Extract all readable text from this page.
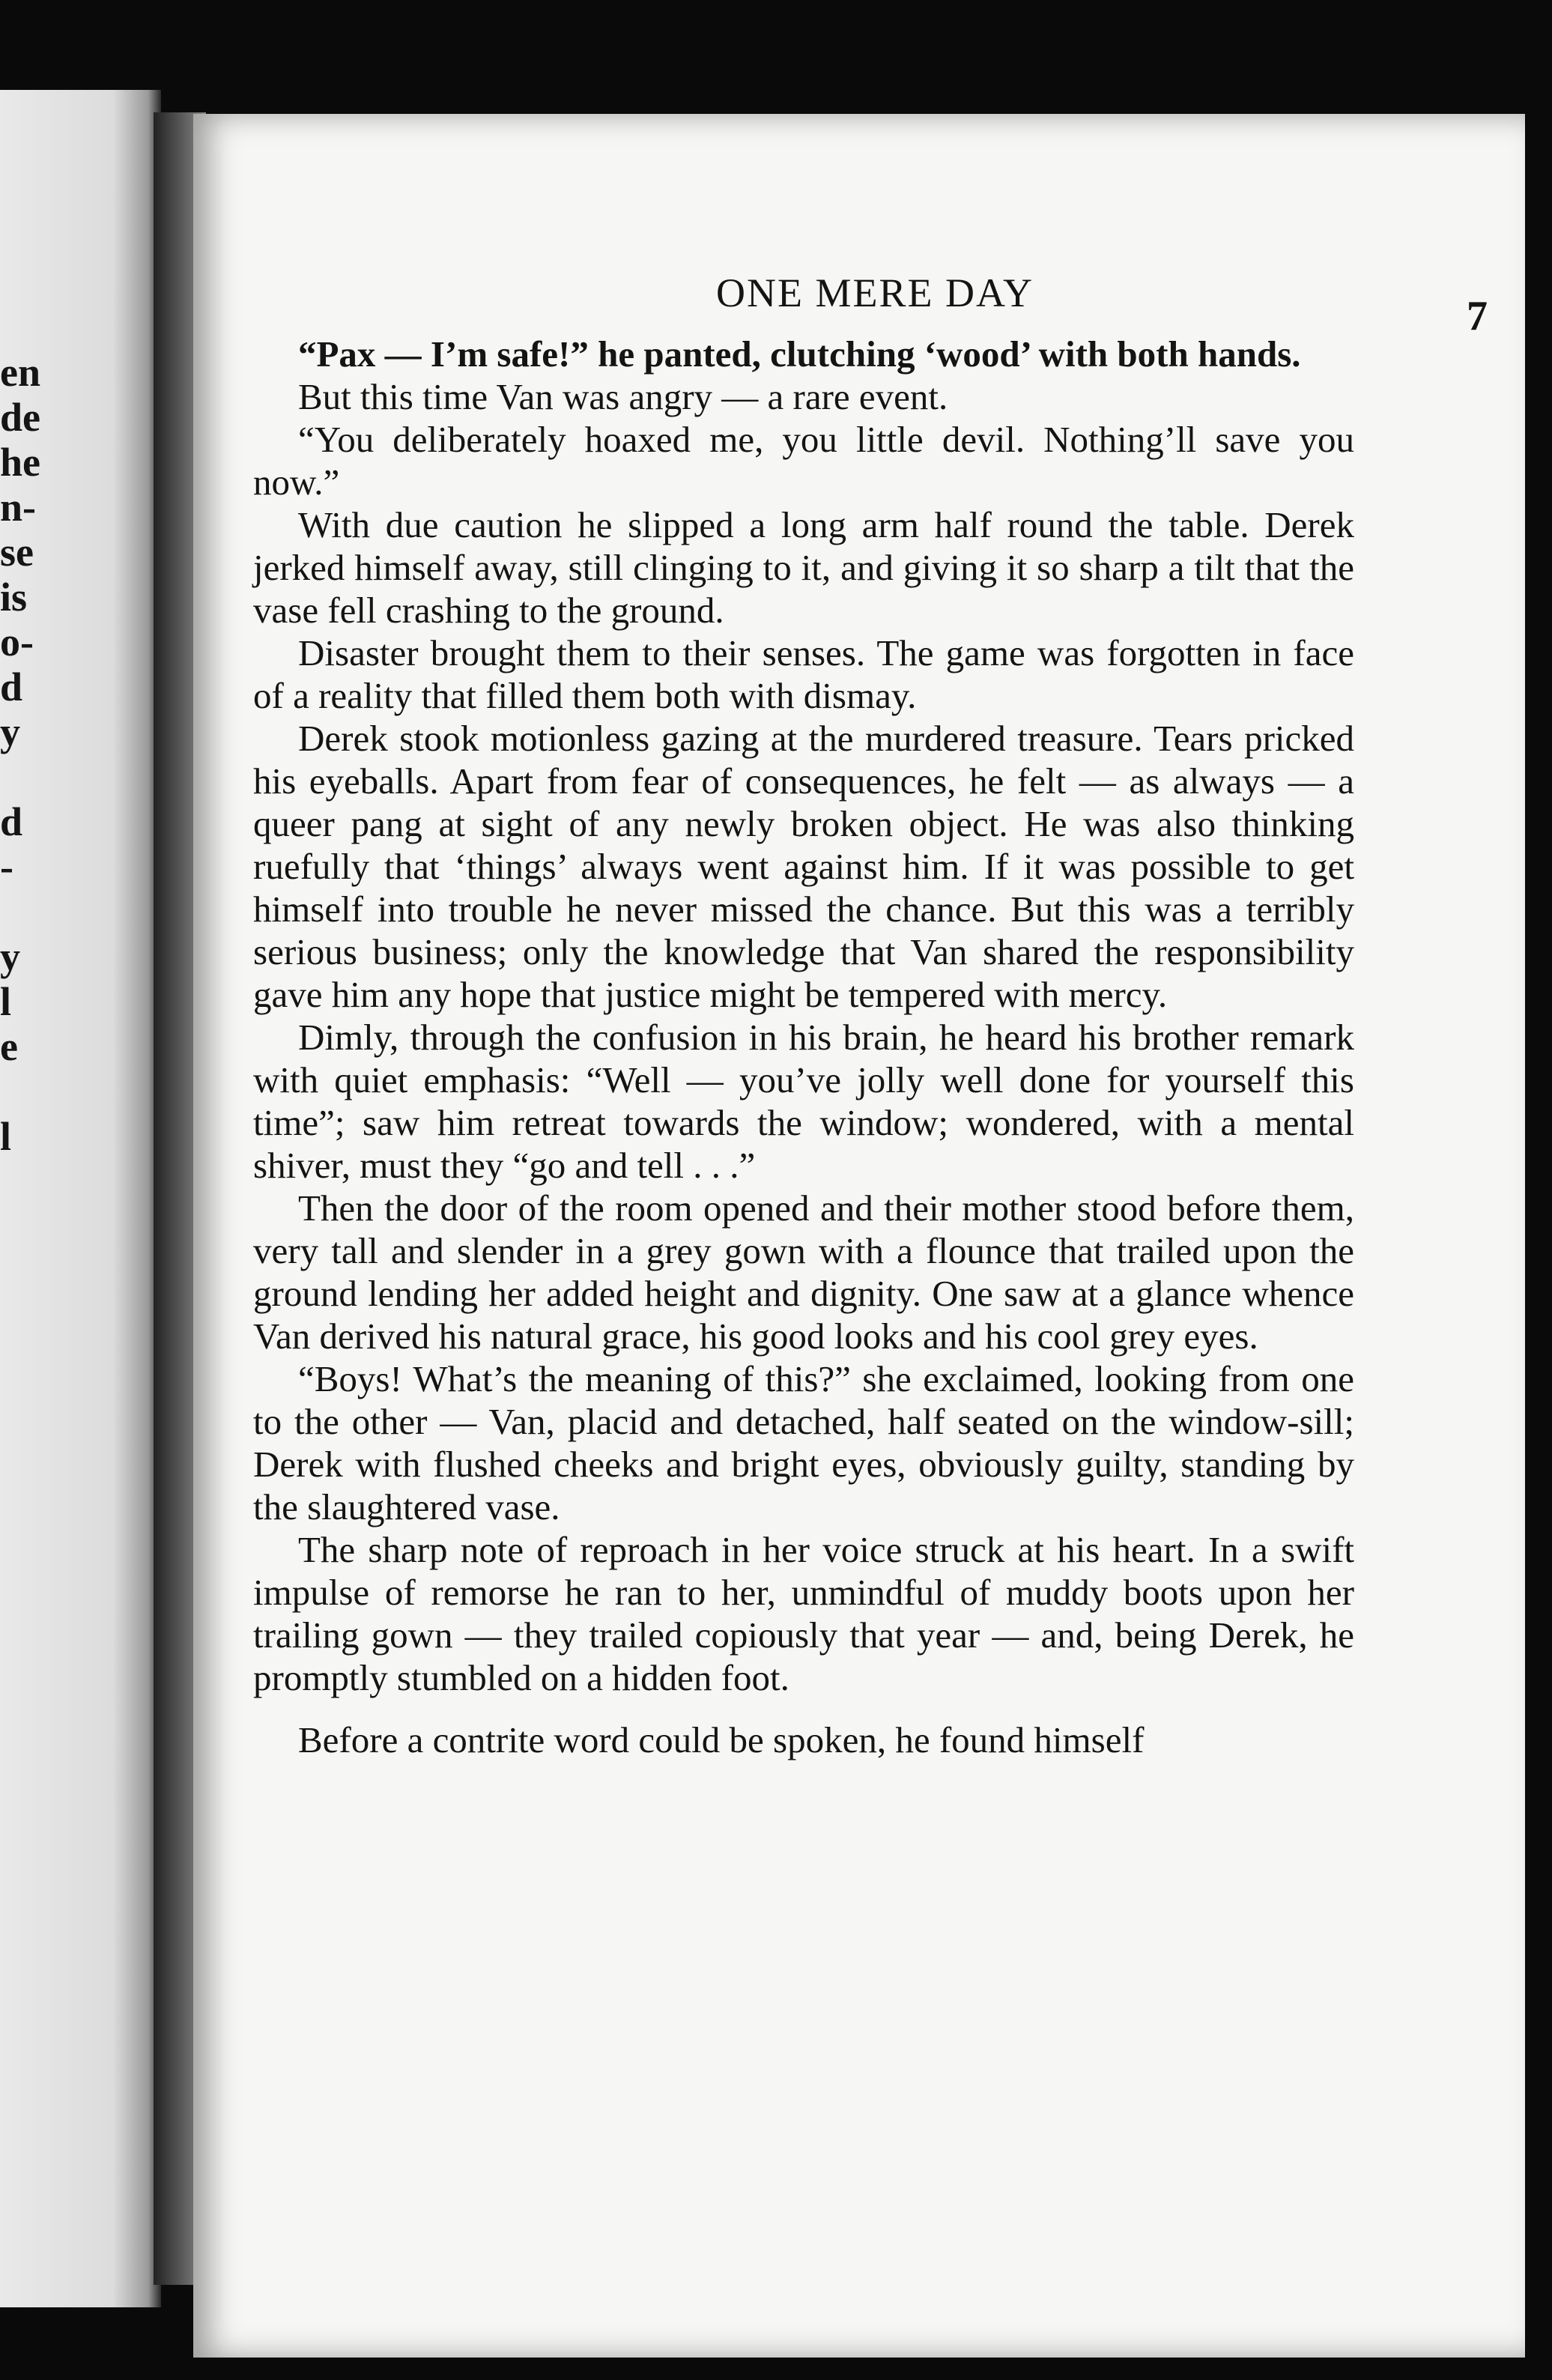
en
de
he
n-
se
is
o-
d
y
d
-
y
l
e
l
ONE MERE DAY	7

“Pax — I’m safe!” he panted, clutching ‘wood’ with both hands.

But this time Van was angry — a rare event.

“You deliberately hoaxed me, you little devil. Nothing’ll save you now.”

With due caution he slipped a long arm half round the table. Derek jerked himself away, still clinging to it, and giving it so sharp a tilt that the vase fell crashing to the ground.

Disaster brought them to their senses. The game was forgotten in face of a reality that filled them both with dismay.

Derek stook motionless gazing at the murdered treasure. Tears pricked his eyeballs. Apart from fear of consequences, he felt — as always — a queer pang at sight of any newly broken object. He was also thinking ruefully that ‘things’ always went against him. If it was possible to get himself into trouble he never missed the chance. But this was a terribly serious business; only the knowledge that Van shared the responsibility gave him any hope that justice might be tempered with mercy.

Dimly, through the confusion in his brain, he heard his brother remark with quiet emphasis: “Well — you’ve jolly well done for yourself this time”; saw him retreat towards the window; wondered, with a mental shiver, must they “go and tell . . .”

Then the door of the room opened and their mother stood before them, very tall and slender in a grey gown with a flounce that trailed upon the ground lending her added height and dignity. One saw at a glance whence Van derived his natural grace, his good looks and his cool grey eyes.

“Boys! What’s the meaning of this?” she exclaimed, looking from one to the other — Van, placid and detached, half seated on the window-sill; Derek with flushed cheeks and bright eyes, obviously guilty, standing by the slaughtered vase.

The sharp note of reproach in her voice struck at his heart. In a swift impulse of remorse he ran to her, unmindful of muddy boots upon her trailing gown — they trailed copiously that year — and, being Derek, he promptly stumbled on a hidden foot.

Before a contrite word could be spoken, he found himself
